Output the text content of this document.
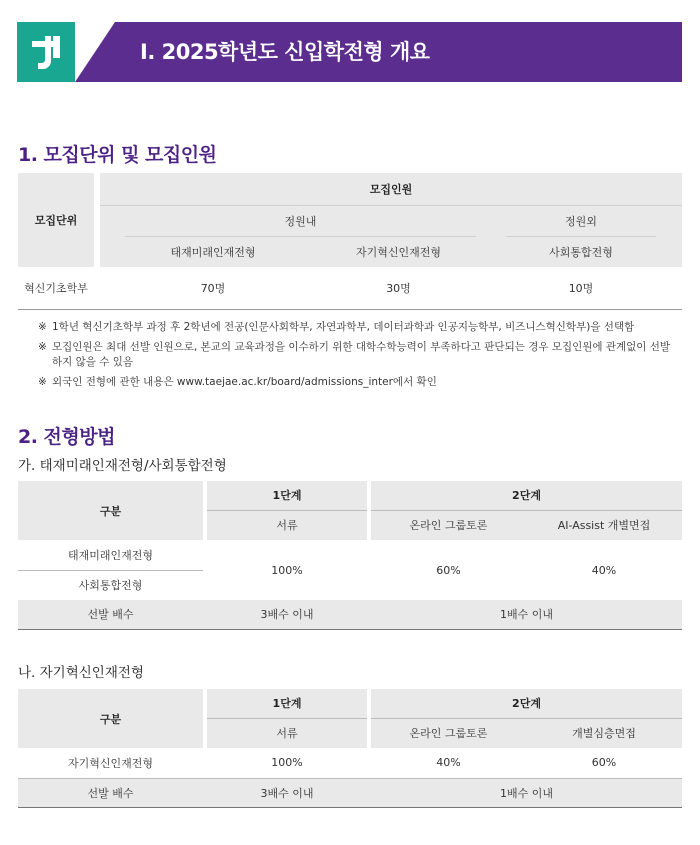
I. 2025학년도 신입학전형 개요
1. 모집단위 및 모집인원
모집단위		모집인원						
			정원내				정원외	
			태재미래인재전형		자기혁신인재전형		사회통합전형	
혁신기초학부			70명		30명		10명	
※ 1학년 혁신기초학부 과정 후 2학년에 전공(인문사회학부, 자연과학부, 데이터과학과 인공지능학부, 비즈니스혁신학부)을 선택함
※ 모집인원은 최대 선발 인원으로, 본교의 교육과정을 이수하기 위한 대학수학능력이 부족하다고 판단되는 경우 모집인원에 관계없이 선발하지 않을 수 있음
※ 외국인 전형에 관한 내용은 www.taejae.ac.kr/board/admissions_inter에서 확인
2. 전형방법
가. 태재미래인재전형/사회통합전형
구분		1단계		2단계	
		서류		온라인 그룹토론	AI-Assist 개별면접
태재미래인재전형		100%		60%	40%
사회통합전형					
선발 배수		3배수 이내		1배수 이내	
나. 자기혁신인재전형
구분		1단계		2단계	
		서류		온라인 그룹토론	개별심층면접
자기혁신인재전형		100%		40%	60%
선발 배수		3배수 이내		1배수 이내	
